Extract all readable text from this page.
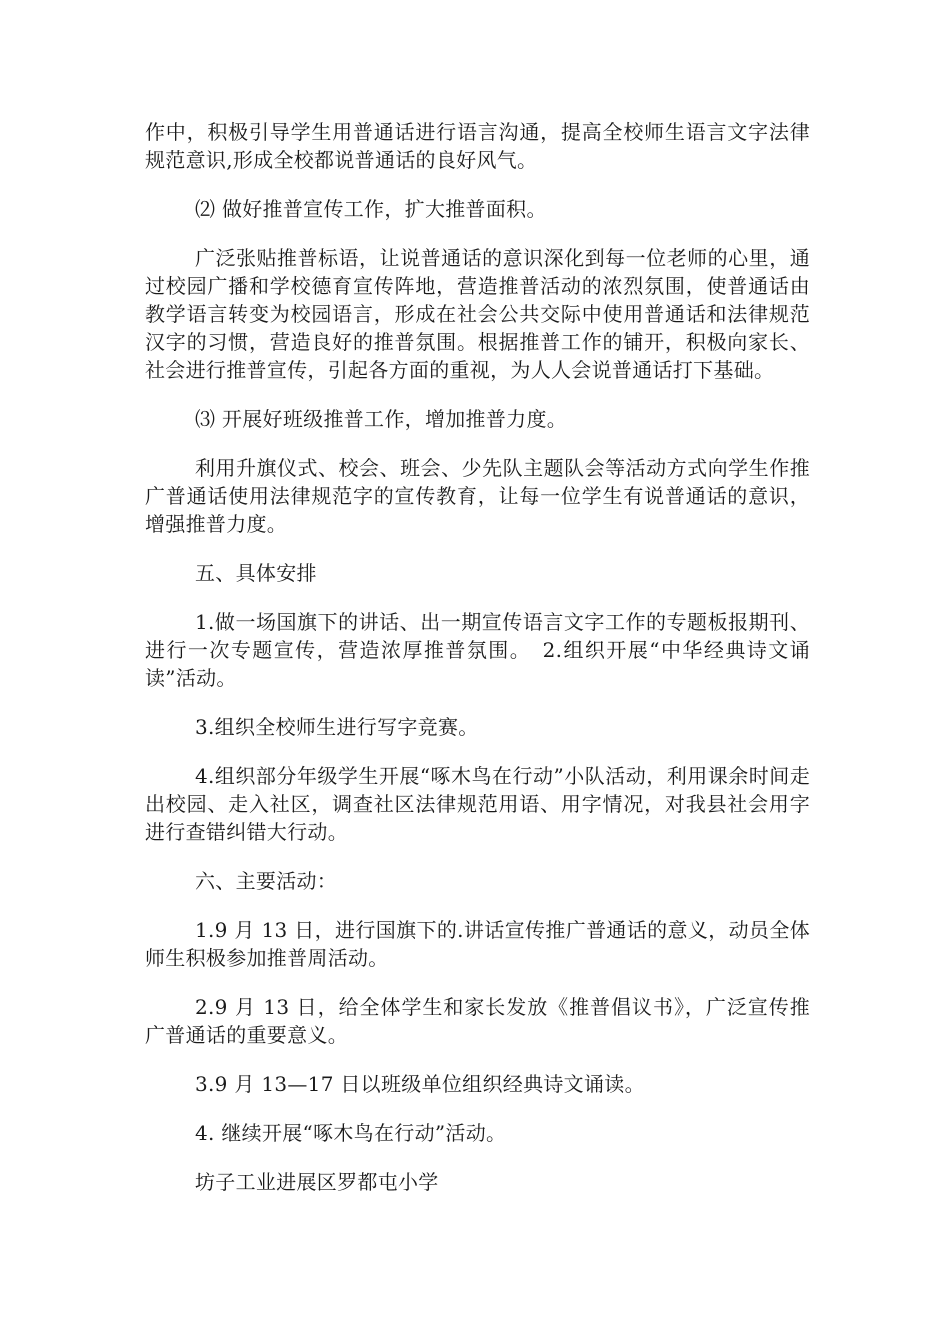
作中，积极引导学生用普通话进行语言沟通，提高全校师生语言文字法律规范意识,形成全校都说普通话的良好风气。

⑵ 做好推普宣传工作，扩大推普面积。

广泛张贴推普标语，让说普通话的意识深化到每一位老师的心里，通过校园广播和学校德育宣传阵地，营造推普活动的浓烈氛围，使普通话由教学语言转变为校园语言，形成在社会公共交际中使用普通话和法律规范汉字的习惯，营造良好的推普氛围。根据推普工作的铺开，积极向家长、社会进行推普宣传，引起各方面的重视，为人人会说普通话打下基础。

⑶ 开展好班级推普工作，增加推普力度。

利用升旗仪式、校会、班会、少先队主题队会等活动方式向学生作推广普通话使用法律规范字的宣传教育，让每一位学生有说普通话的意识，增强推普力度。

五、具体安排

1.做一场国旗下的讲话、出一期宣传语言文字工作的专题板报期刊、进行一次专题宣传，营造浓厚推普氛围。　2.组织开展“中华经典诗文诵读”活动。

3.组织全校师生进行写字竞赛。

4.组织部分年级学生开展“啄木鸟在行动”小队活动，利用课余时间走出校园、走入社区，调查社区法律规范用语、用字情况，对我县社会用字进行查错纠错大行动。

六、主要活动：

1.9 月 13 日，进行国旗下的.讲话宣传推广普通话的意义，动员全体师生积极参加推普周活动。

2.9 月 13 日，给全体学生和家长发放《推普倡议书》，广泛宣传推广普通话的重要意义。

3.9 月 13—17 日以班级单位组织经典诗文诵读。

4. 继续开展“啄木鸟在行动”活动。

坊子工业进展区罗都屯小学
